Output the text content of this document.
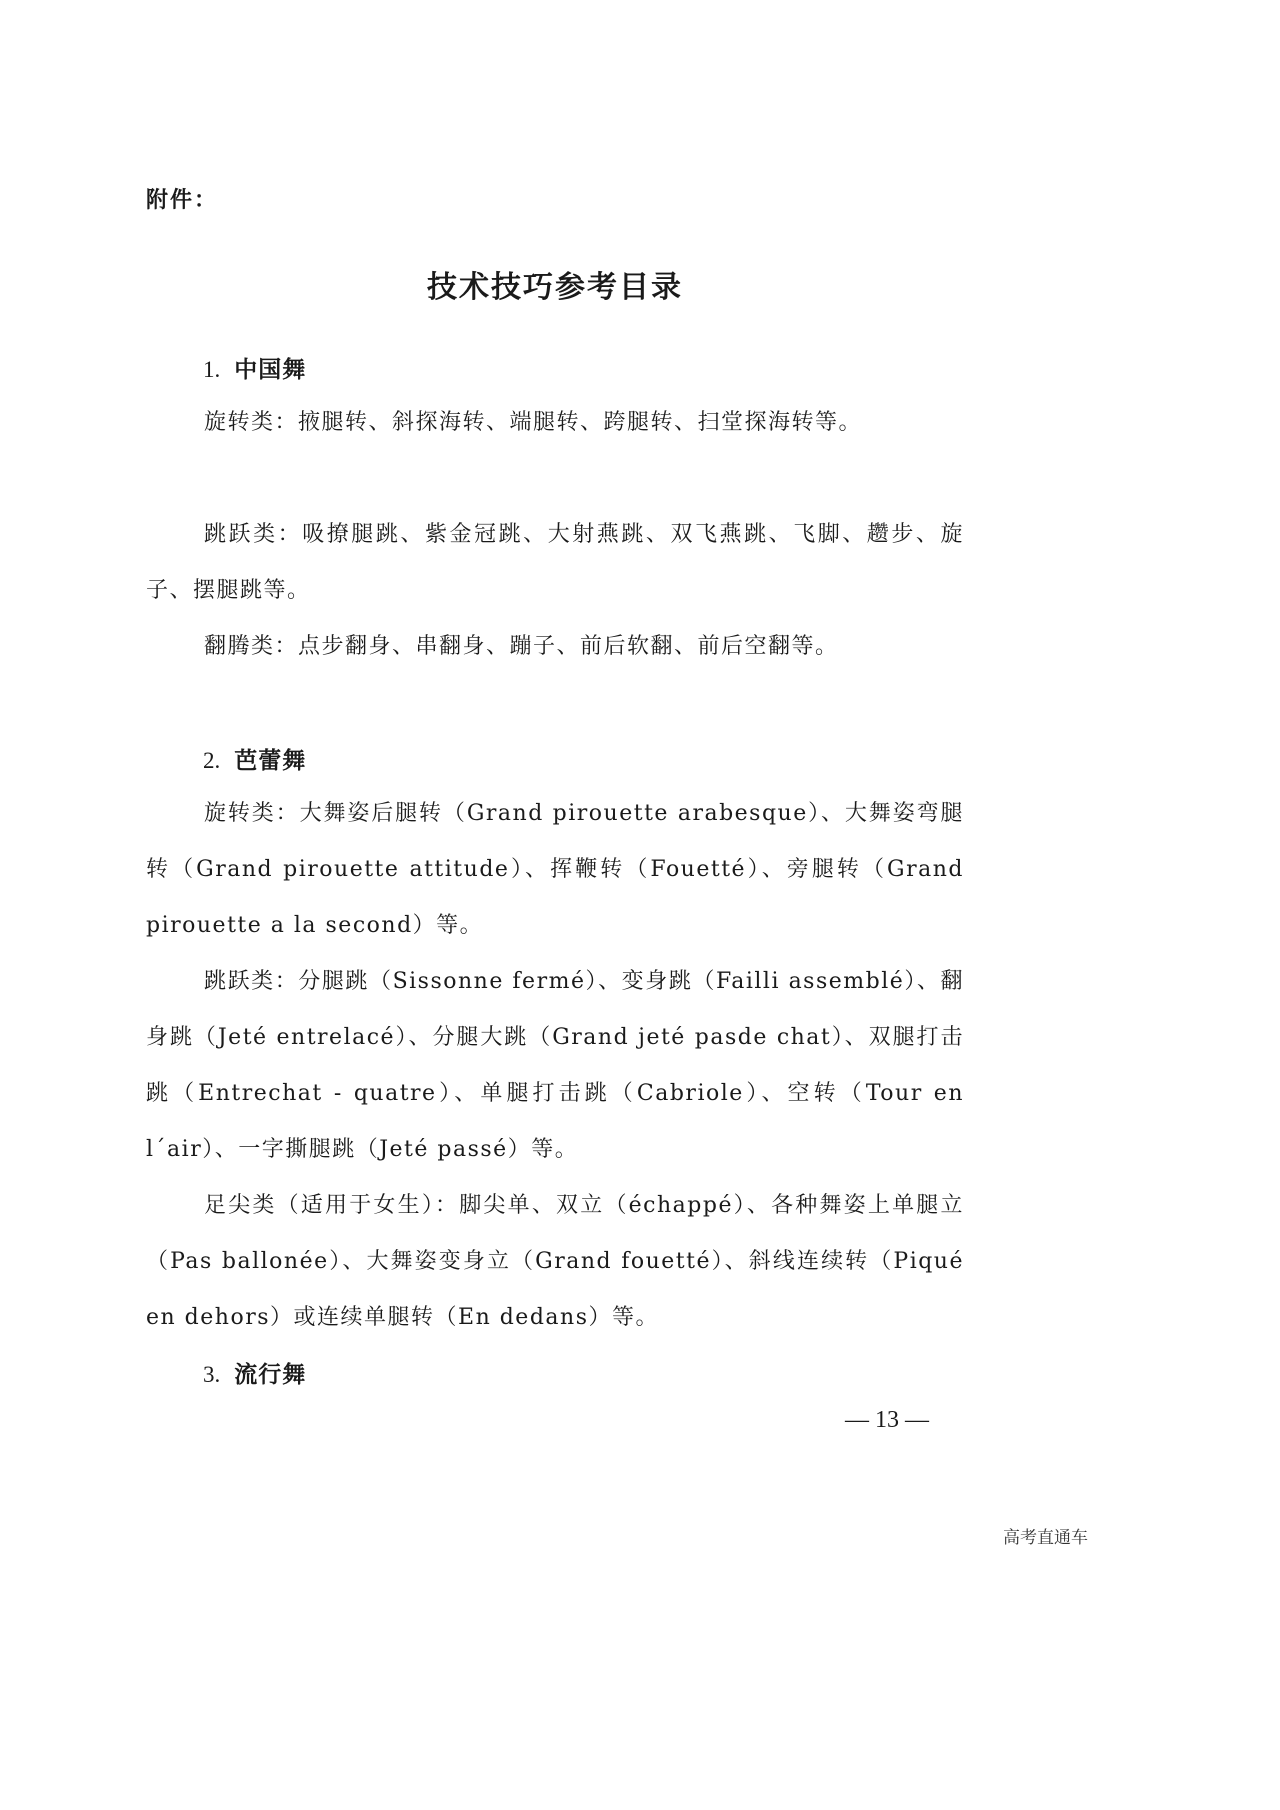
附件：
技术技巧参考目录
1. 中国舞

旋转类：掖腿转、斜探海转、端腿转、跨腿转、扫堂探海转等。

跳跃类：吸撩腿跳、紫金冠跳、大射燕跳、双飞燕跳、飞脚、趱步、旋子、摆腿跳等。

翻腾类：点步翻身、串翻身、蹦子、前后软翻、前后空翻等。

2. 芭蕾舞

旋转类：大舞姿后腿转（Grand pirouette arabesque）、大舞姿弯腿转（Grand pirouette attitude）、挥鞭转（Fouetté）、旁腿转（Grand pirouette a la second）等。

跳跃类：分腿跳（Sissonne fermé）、变身跳（Failli assemblé）、翻身跳（Jeté entrelacé）、分腿大跳（Grand jeté pasde chat）、双腿打击跳（Entrechat - quatre）、单腿打击跳（Cabriole）、空转（Tour en lˊair）、一字撕腿跳（Jeté passé）等。

足尖类（适用于女生）：脚尖单、双立（échappé）、各种舞姿上单腿立（Pas ballonée）、大舞姿变身立（Grand fouetté）、斜线连续转（Piqué en dehors）或连续单腿转（En dedans）等。

3. 流行舞
— 13 —
高考直通车
